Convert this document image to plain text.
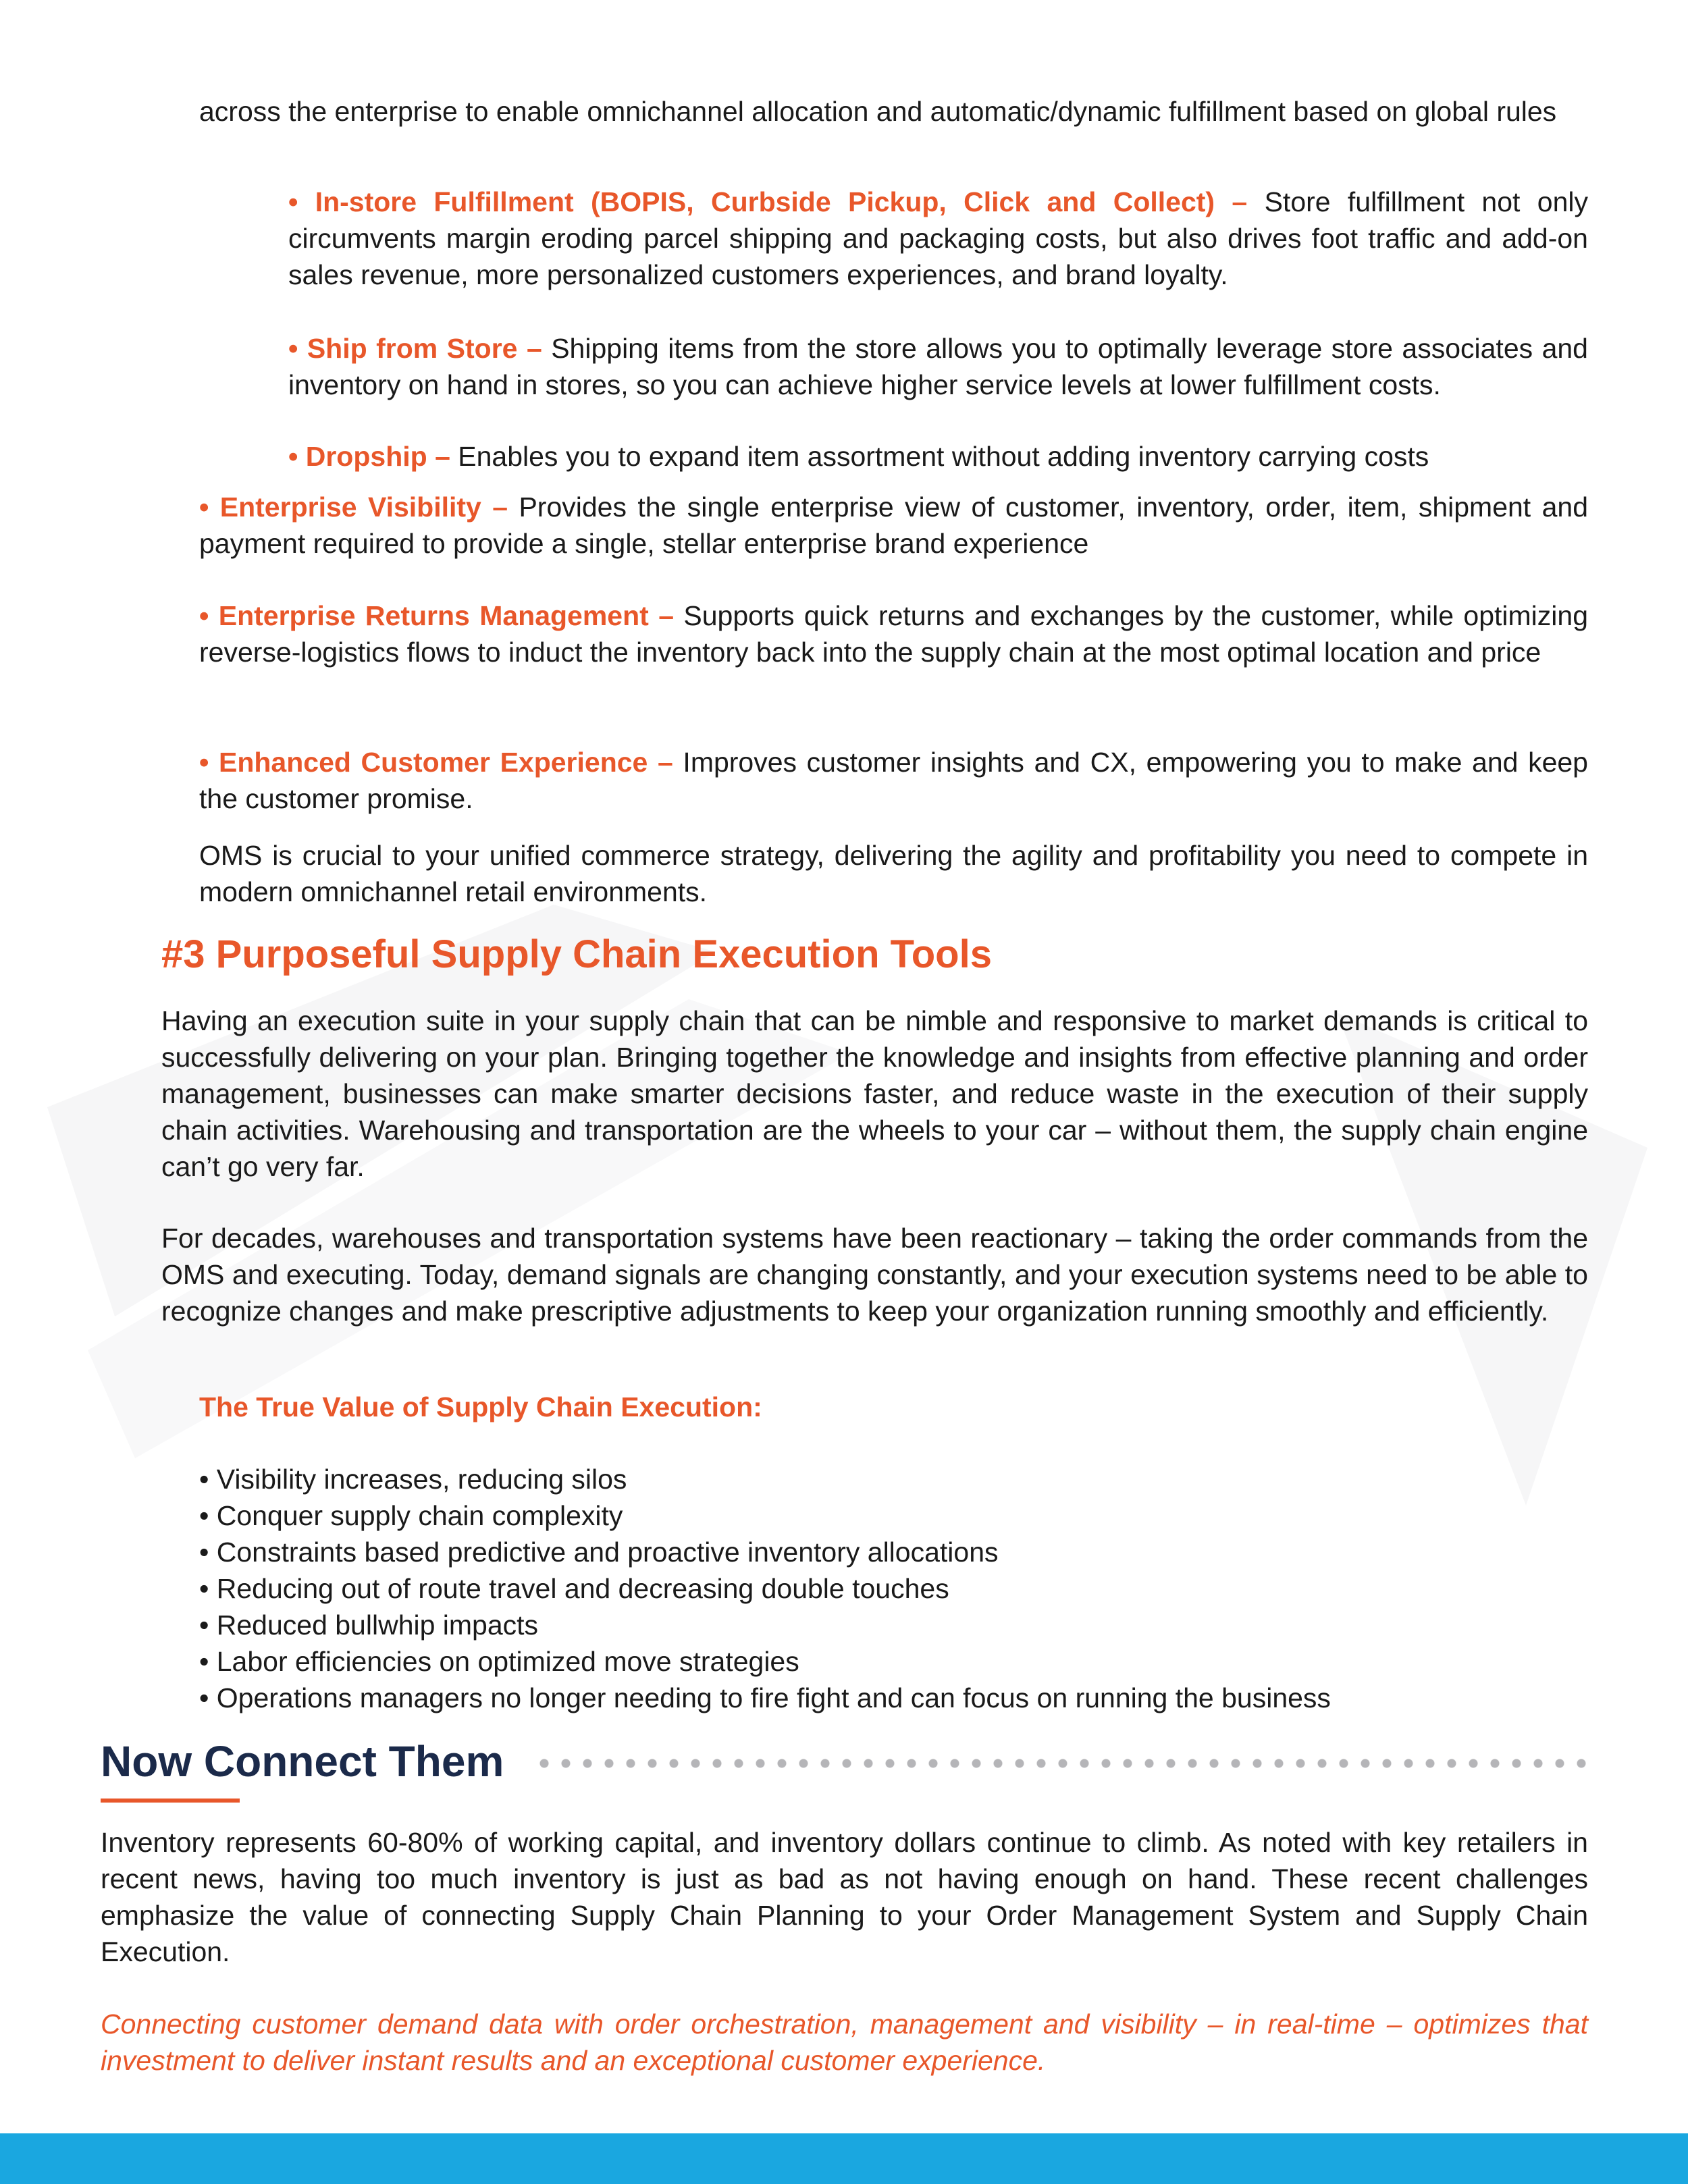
across the enterprise to enable omnichannel allocation and automatic/dynamic fulfillment based on global rules
• In-store Fulfillment (BOPIS, Curbside Pickup, Click and Collect) – Store fulfillment not only circumvents margin eroding parcel shipping and packaging costs, but also drives foot traffic and add-on sales revenue, more personalized customers experiences, and brand loyalty.
• Ship from Store – Shipping items from the store allows you to optimally leverage store associates and inventory on hand in stores, so you can achieve higher service levels at lower fulfillment costs.
• Dropship – Enables you to expand item assortment without adding inventory carrying costs
• Enterprise Visibility – Provides the single enterprise view of customer, inventory, order, item, shipment and payment required to provide a single, stellar enterprise brand experience
• Enterprise Returns Management – Supports quick returns and exchanges by the customer, while optimizing reverse-logistics flows to induct the inventory back into the supply chain at the most optimal location and price
• Enhanced Customer Experience – Improves customer insights and CX, empowering you to make and keep the customer promise.
OMS is crucial to your unified commerce strategy, delivering the agility and profitability you need to compete in modern omnichannel retail environments.
#3 Purposeful Supply Chain Execution Tools
Having an execution suite in your supply chain that can be nimble and responsive to market demands is critical to successfully delivering on your plan. Bringing together the knowledge and insights from effective planning and order management, businesses can make smarter decisions faster, and reduce waste in the execution of their supply chain activities. Warehousing and transportation are the wheels to your car – without them, the supply chain engine can’t go very far.
For decades, warehouses and transportation systems have been reactionary – taking the order commands from the OMS and executing. Today, demand signals are changing constantly, and your execution systems need to be able to recognize changes and make prescriptive adjustments to keep your organization running smoothly and efficiently.
The True Value of Supply Chain Execution:
• Visibility increases, reducing silos
• Conquer supply chain complexity
• Constraints based predictive and proactive inventory allocations
• Reducing out of route travel and decreasing double touches
• Reduced bullwhip impacts
• Labor efficiencies on optimized move strategies
• Operations managers no longer needing to fire fight and can focus on running the business
Now Connect Them
Inventory represents 60-80% of working capital, and inventory dollars continue to climb. As noted with key retailers in recent news, having too much inventory is just as bad as not having enough on hand. These recent challenges emphasize the value of connecting Supply Chain Planning to your Order Management System and Supply Chain Execution.
Connecting customer demand data with order orchestration, management and visibility – in real-time – optimizes that investment to deliver instant results and an exceptional customer experience.
